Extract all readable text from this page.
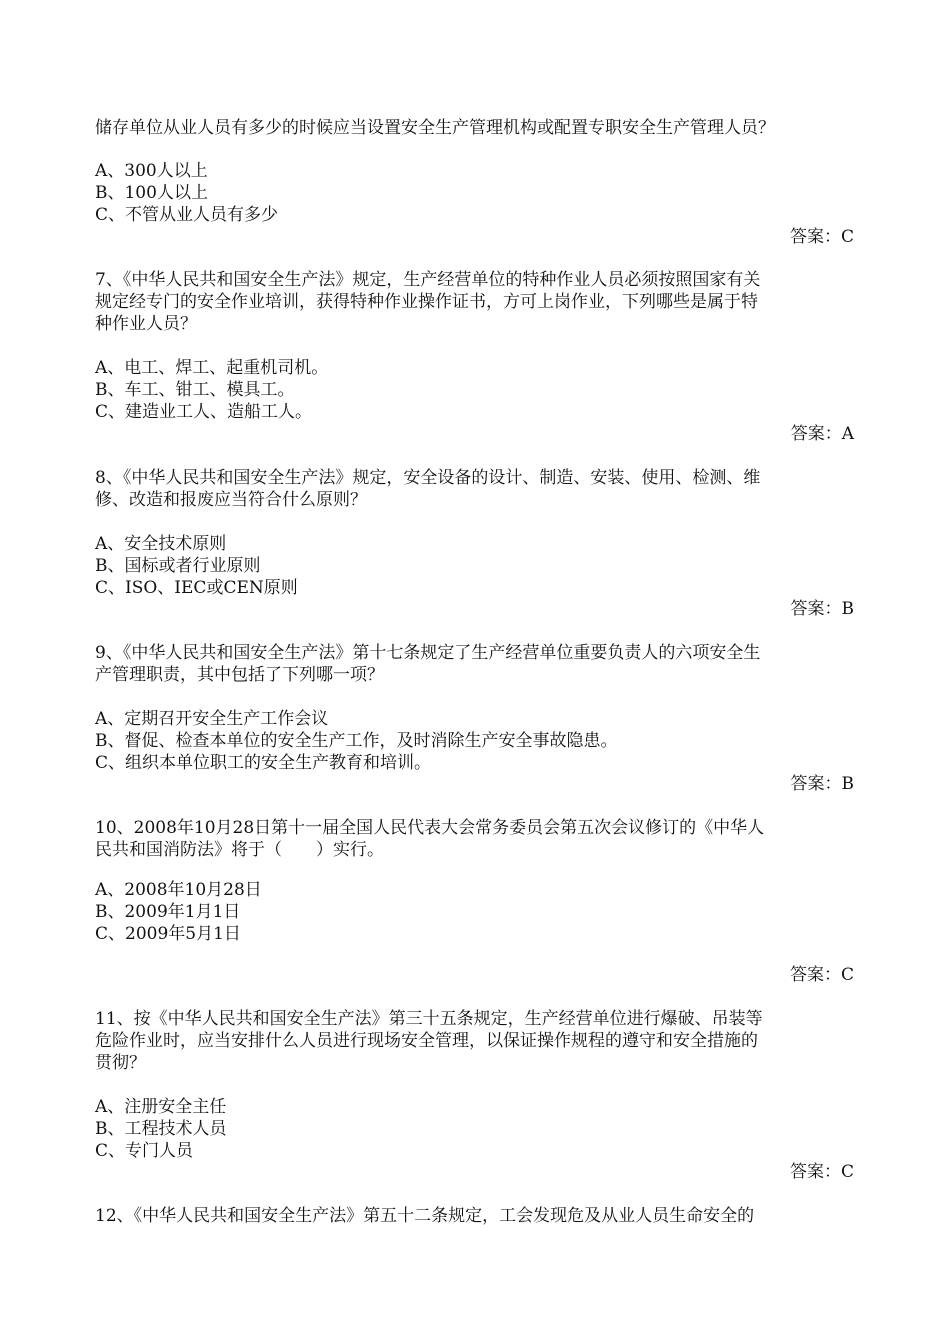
储存单位从业人员有多少的时候应当设置安全生产管理机构或配置专职安全生产管理人员？
A、300人以上
B、100人以上
C、不管从业人员有多少
答案：C
7、《中华人民共和国安全生产法》规定，生产经营单位的特种作业人员必须按照国家有关
规定经专门的安全作业培训，获得特种作业操作证书，方可上岗作业，下列哪些是属于特
种作业人员？
A、电工、焊工、起重机司机。
B、车工、钳工、模具工。
C、建造业工人、造船工人。
答案：A
8、《中华人民共和国安全生产法》规定，安全设备的设计、制造、安装、使用、检测、维
修、改造和报废应当符合什么原则？
A、安全技术原则
B、国标或者行业原则
C、ISO、IEC或CEN原则
答案：B
9、《中华人民共和国安全生产法》第十七条规定了生产经营单位重要负责人的六项安全生
产管理职责，其中包括了下列哪一项？
A、定期召开安全生产工作会议
B、督促、检查本单位的安全生产工作，及时消除生产安全事故隐患。
C、组织本单位职工的安全生产教育和培训。
答案：B
10、2008年10月28日第十一届全国人民代表大会常务委员会第五次会议修订的《中华人
民共和国消防法》将于（　　）实行。
A、2008年10月28日
B、2009年1月1日
C、2009年5月1日
答案：C
11、按《中华人民共和国安全生产法》第三十五条规定，生产经营单位进行爆破、吊装等
危险作业时，应当安排什么人员进行现场安全管理，以保证操作规程的遵守和安全措施的
贯彻？
A、注册安全主任
B、工程技术人员
C、专门人员
答案：C
12、《中华人民共和国安全生产法》第五十二条规定，工会发现危及从业人员生命安全的
